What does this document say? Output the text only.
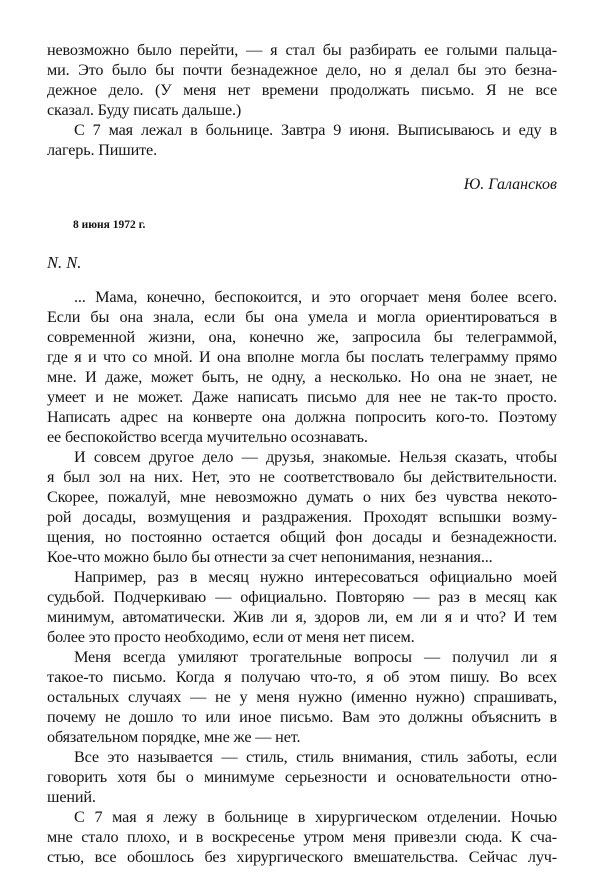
невозможно было перейти, — я стал бы разбирать ее голыми пальца-
ми. Это было бы почти безнадежное дело, но я делал бы это безна-
дежное дело. (У меня нет времени продолжать письмо. Я не все
сказал. Буду писать дальше.)
С 7 мая лежал в больнице. Завтра 9 июня. Выписываюсь и еду в
лагерь. Пишите.
Ю. Галансков
8 июня 1972 г.
N. N.
... Мама, конечно, беспокоится, и это огорчает меня более всего.
Если бы она знала, если бы она умела и могла ориентироваться в
современной жизни, она, конечно же, запросила бы телеграммой,
где я и что со мной. И она вполне могла бы послать телеграмму прямо
мне. И даже, может быть, не одну, а несколько. Но она не знает, не
умеет и не может. Даже написать письмо для нее не так-то просто.
Написать адрес на конверте она должна попросить кого-то. Поэтому
ее беспокойство всегда мучительно осознавать.
И совсем другое дело — друзья, знакомые. Нельзя сказать, чтобы
я был зол на них. Нет, это не соответствовало бы действительности.
Скорее, пожалуй, мне невозможно думать о них без чувства некото-
рой досады, возмущения и раздражения. Проходят вспышки возму-
щения, но постоянно остается общий фон досады и безнадежности.
Кое-что можно было бы отнести за счет непонимания, незнания...
Например, раз в месяц нужно интересоваться официально моей
судьбой. Подчеркиваю — официально. Повторяю — раз в месяц как
минимум, автоматически. Жив ли я, здоров ли, ем ли я и что? И тем
более это просто необходимо, если от меня нет писем.
Меня всегда умиляют трогательные вопросы — получил ли я
такое-то письмо. Когда я получаю что-то, я об этом пишу. Во всех
остальных случаях — не у меня нужно (именно нужно) спрашивать,
почему не дошло то или иное письмо. Вам это должны объяснить в
обязательном порядке, мне же — нет.
Все это называется — стиль, стиль внимания, стиль заботы, если
говорить хотя бы о минимуме серьезности и основательности отно-
шений.
С 7 мая я лежу в больнице в хирургическом отделении. Ночью
мне стало плохо, и в воскресенье утром меня привезли сюда. К сча-
стью, все обошлось без хирургического вмешательства. Сейчас луч-
